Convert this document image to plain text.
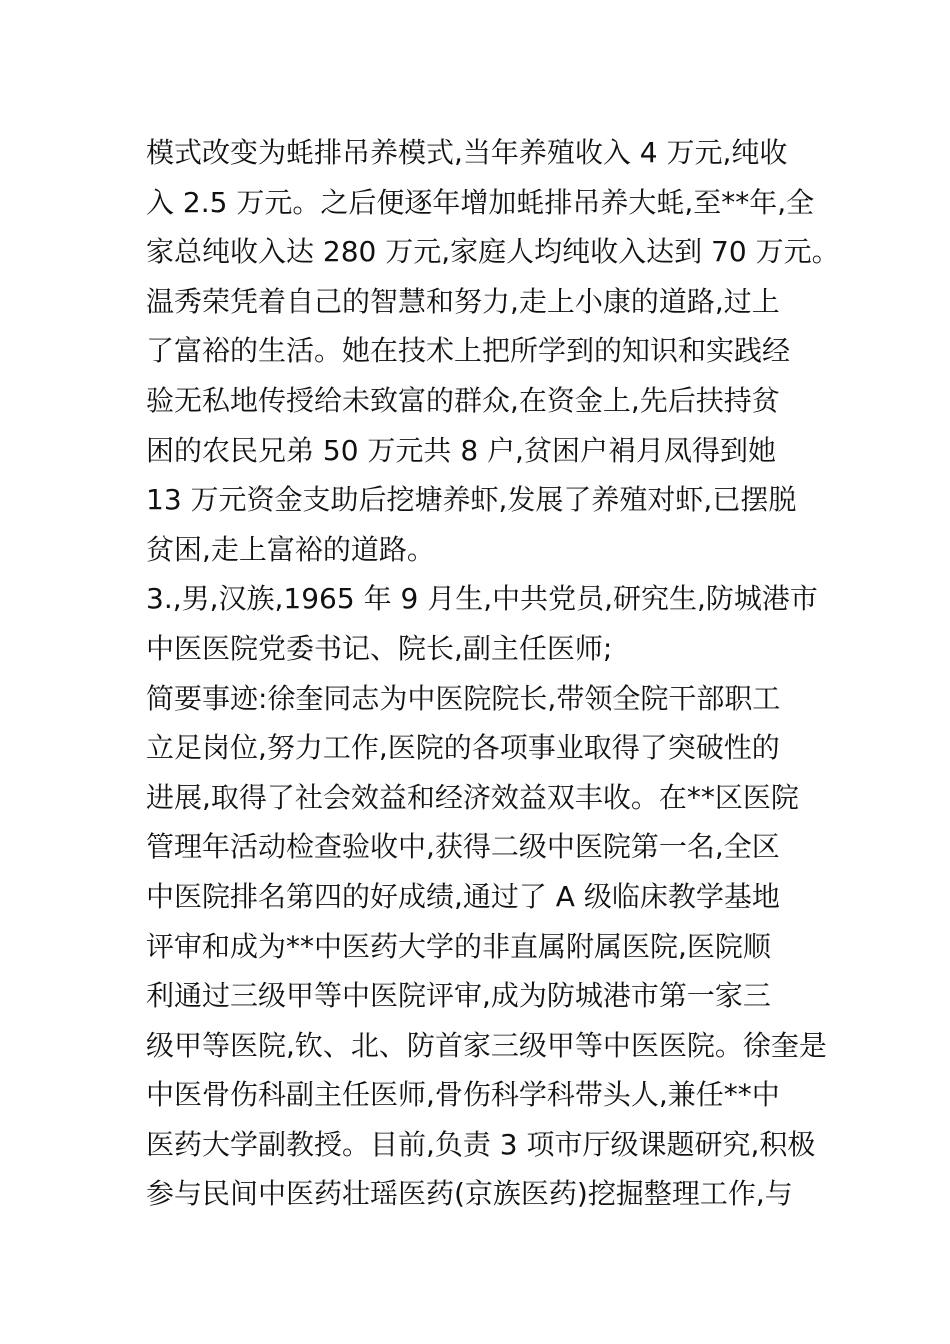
模式改变为蚝排吊养模式,当年养殖收入 4 万元,纯收
入 2.5 万元。之后便逐年增加蚝排吊养大蚝,至**年,全
家总纯收入达 280 万元,家庭人均纯收入达到 70 万元。
温秀荣凭着自己的智慧和努力,走上小康的道路,过上
了富裕的生活。她在技术上把所学到的知识和实践经
验无私地传授给未致富的群众,在资金上,先后扶持贫
困的农民兄弟 50 万元共 8 户,贫困户裐月凤得到她
13 万元资金支助后挖塘养虾,发展了养殖对虾,已摆脱
贫困,走上富裕的道路。
3.,男,汉族,1965 年 9 月生,中共党员,研究生,防城港市
中医医院党委书记、院长,副主任医师;
简要事迹:徐奎同志为中医院院长,带领全院干部职工
立足岗位,努力工作,医院的各项事业取得了突破性的
进展,取得了社会效益和经济效益双丰收。在**区医院
管理年活动检查验收中,获得二级中医院第一名,全区
中医院排名第四的好成绩,通过了 A 级临床教学基地
评审和成为**中医药大学的非直属附属医院,医院顺
利通过三级甲等中医院评审,成为防城港市第一家三
级甲等医院,钦、北、防首家三级甲等中医医院。徐奎是
中医骨伤科副主任医师,骨伤科学科带头人,兼任**中
医药大学副教授。目前,负责 3 项市厅级课题研究,积极
参与民间中医药壮瑶医药(京族医药)挖掘整理工作,与
